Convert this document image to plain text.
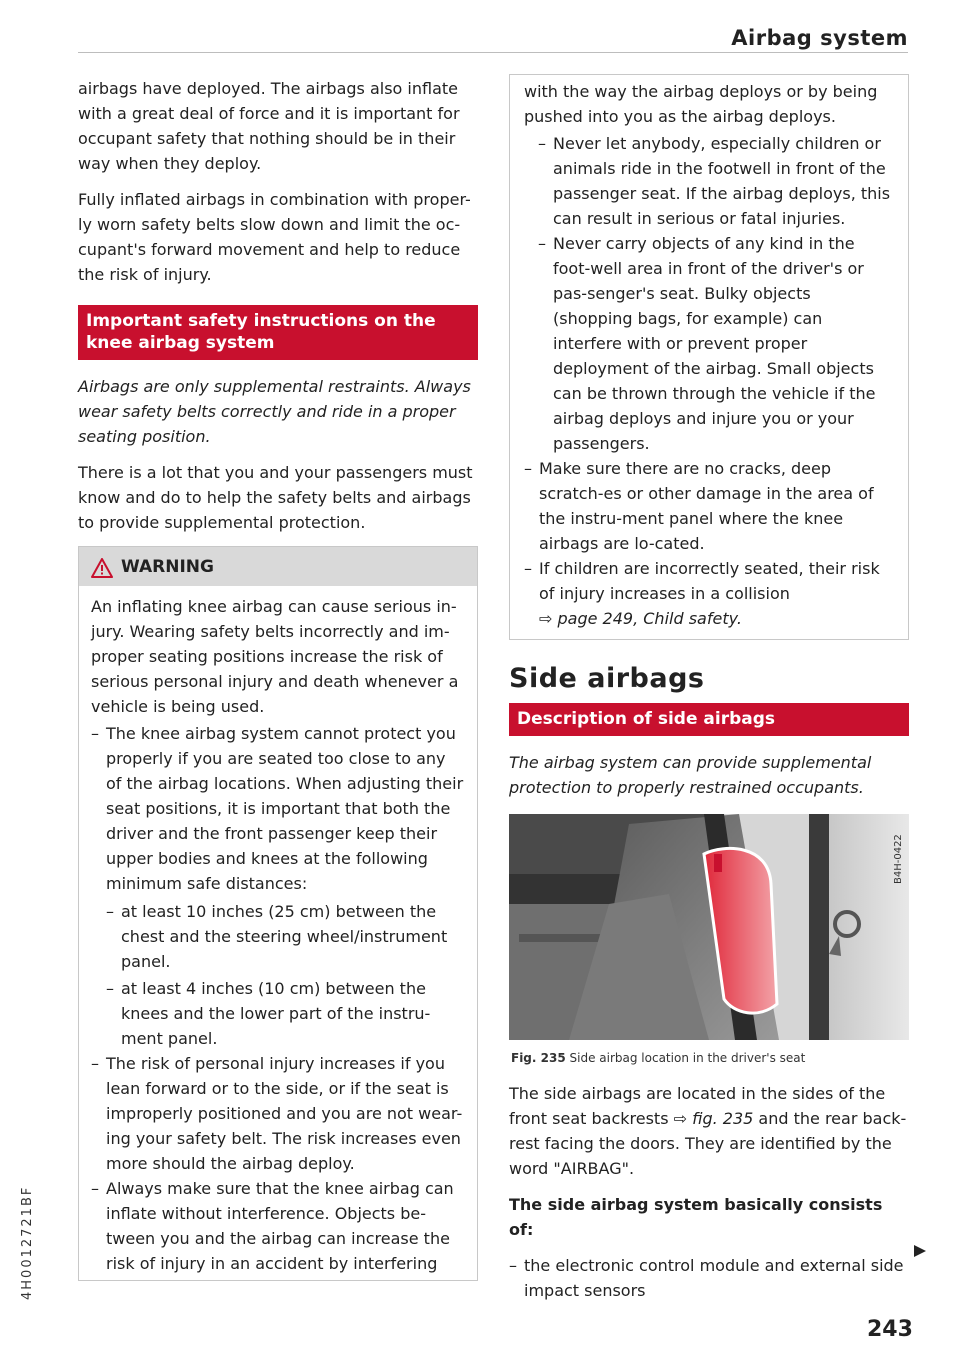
Airbag system
4H0012721BF

airbags have deployed. The airbags also inflate with a great deal of force and it is important for occupant safety that nothing should be in their way when they deploy.

Fully inflated airbags in combination with proper-ly worn safety belts slow down and limit the oc-cupant's forward movement and help to reduce the risk of injury.

Important safety instructions on the knee airbag system

Airbags are only supplemental restraints. Always wear safety belts correctly and ride in a proper seating position.

There is a lot that you and your passengers must know and do to help the safety belts and airbags to provide supplemental protection.

WARNING

An inflating knee airbag can cause serious in-jury. Wearing safety belts incorrectly and im-proper seating positions increase the risk of serious personal injury and death whenever a vehicle is being used.

– The knee airbag system cannot protect you properly if you are seated too close to any of the airbag locations. When adjusting their seat positions, it is important that both the driver and the front passenger keep their upper bodies and knees at the following minimum safe distances:
– at least 10 inches (25 cm) between the chest and the steering wheel/instrument panel.
– at least 4 inches (10 cm) between the knees and the lower part of the instru-ment panel.
– The risk of personal injury increases if you lean forward or to the side, or if the seat is improperly positioned and you are not wear-ing your safety belt. The risk increases even more should the airbag deploy.
– Always make sure that the knee airbag can inflate without interference. Objects be-tween you and the airbag can increase the risk of injury in an accident by interfering

with the way the airbag deploys or by being pushed into you as the airbag deploys.

– Never let anybody, especially children or animals ride in the footwell in front of the passenger seat. If the airbag deploys, this can result in serious or fatal injuries.
– Never carry objects of any kind in the foot-well area in front of the driver's or pas-senger's seat. Bulky objects (shopping bags, for example) can interfere with or prevent proper deployment of the airbag. Small objects can be thrown through the vehicle if the airbag deploys and injure you or your passengers.
– Make sure there are no cracks, deep scratch-es or other damage in the area of the instru-ment panel where the knee airbags are lo-cated.
– If children are incorrectly seated, their risk of injury increases in a collision
⇨ page 249, Child safety.
Side airbags
Description of side airbags

The airbag system can provide supplemental protection to properly restrained occupants.

B4H-0422
Fig. 235 Side airbag location in the driver's seat

The side airbags are located in the sides of the front seat backrests ⇨ fig. 235 and the rear back-rest facing the doors. They are identified by the word "AIRBAG".

The side airbag system basically consists of:

– the electronic control module and external side impact sensors
243
